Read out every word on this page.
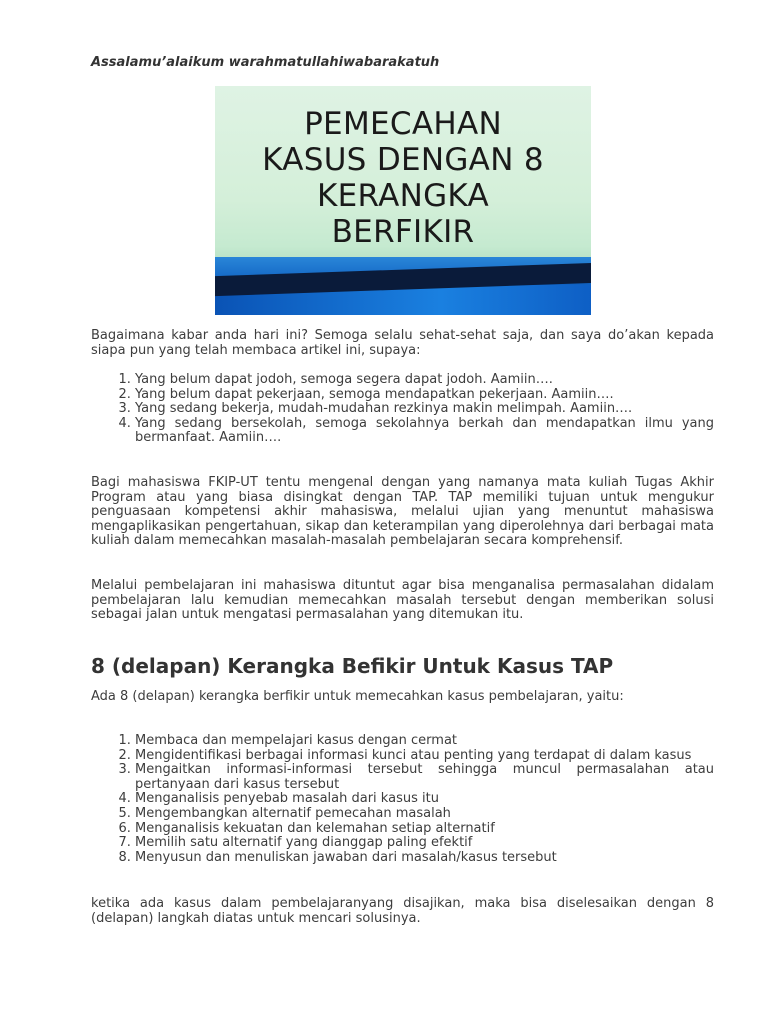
Assalamu’alaikum warahmatullahiwabarakatuh

PEMECAHAN
KASUS DENGAN 8
KERANGKA
BERFIKIR

Bagaimana kabar anda hari ini? Semoga selalu sehat-sehat saja, dan saya do’akan kepada siapa pun yang telah membaca artikel ini, supaya:

1. Yang belum dapat jodoh, semoga segera dapat jodoh. Aamiin….
2. Yang belum dapat pekerjaan, semoga mendapatkan pekerjaan. Aamiin….
3. Yang sedang bekerja, mudah-mudahan rezkinya makin melimpah. Aamiin….
4. Yang sedang bersekolah, semoga sekolahnya berkah dan mendapatkan ilmu yang bermanfaat. Aamiin….

Bagi mahasiswa FKIP-UT tentu mengenal dengan yang namanya mata kuliah Tugas Akhir Program atau yang biasa disingkat dengan TAP. TAP memiliki tujuan untuk mengukur penguasaan kompetensi akhir mahasiswa, melalui ujian yang menuntut mahasiswa mengaplikasikan pengertahuan, sikap dan keterampilan yang diperolehnya dari berbagai mata kuliah dalam memecahkan masalah-masalah pembelajaran secara komprehensif.

Melalui pembelajaran ini mahasiswa dituntut agar bisa menganalisa permasalahan didalam pembelajaran lalu kemudian memecahkan masalah tersebut dengan memberikan solusi sebagai jalan untuk mengatasi permasalahan yang ditemukan itu.

8 (delapan) Kerangka Befikir Untuk Kasus TAP

Ada 8 (delapan) kerangka berfikir untuk memecahkan kasus pembelajaran, yaitu:

1. Membaca dan mempelajari kasus dengan cermat
2. Mengidentifikasi berbagai informasi kunci atau penting yang terdapat di dalam kasus
3. Mengaitkan informasi-informasi tersebut sehingga muncul permasalahan atau pertanyaan dari kasus tersebut
4. Menganalisis penyebab masalah dari kasus itu
5. Mengembangkan alternatif pemecahan masalah
6. Menganalisis kekuatan dan kelemahan setiap alternatif
7. Memilih satu alternatif yang dianggap paling efektif
8. Menyusun dan menuliskan jawaban dari masalah/kasus tersebut

ketika ada kasus dalam pembelajaranyang disajikan, maka bisa diselesaikan dengan 8 (delapan) langkah diatas untuk mencari solusinya.
